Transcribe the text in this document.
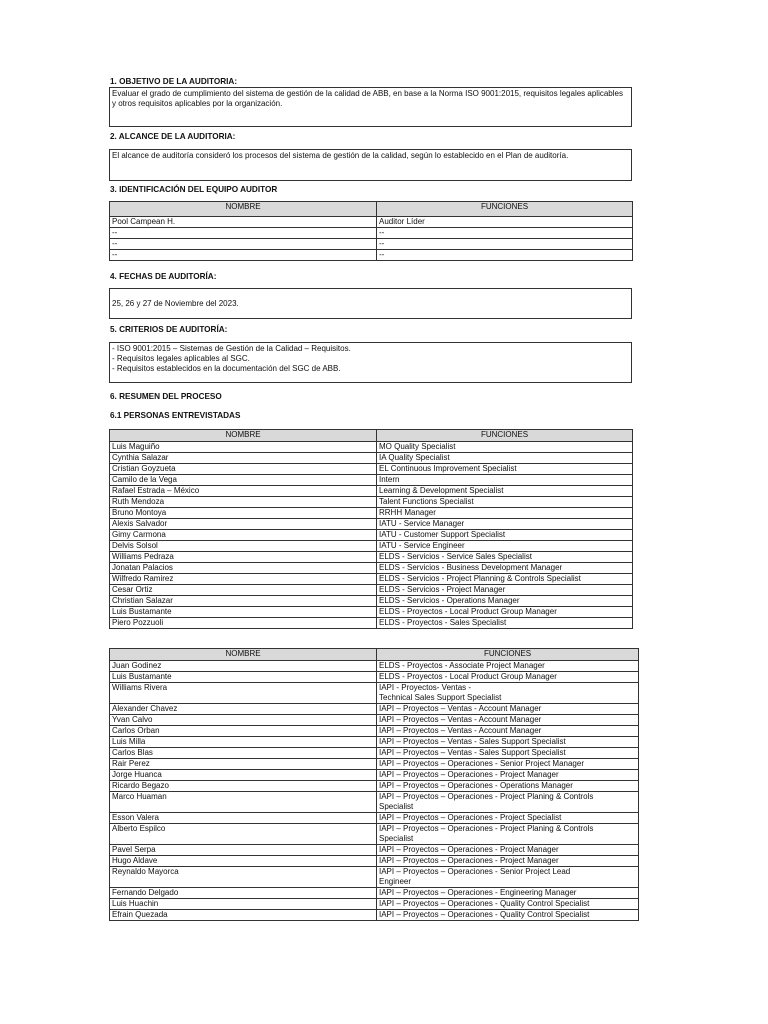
1. OBJETIVO DE LA AUDITORIA:
Evaluar el grado de cumplimiento del sistema de gestión de la calidad de ABB, en base a la Norma ISO 9001:2015, requisitos legales aplicables y otros requisitos aplicables por la organización.
2. ALCANCE DE LA AUDITORIA:
El alcance de auditoría consideró los procesos del sistema de gestión de la calidad, según lo establecido en el Plan de auditoría.
3. IDENTIFICACIÓN DEL EQUIPO AUDITOR
NOMBRE	FUNCIONES
Pool Campean H.	Auditor Líder
--	--
--	--
--	--
4. FECHAS DE AUDITORÍA:
25, 26 y 27 de Noviembre del 2023.
5. CRITERIOS DE AUDITORÍA:
- ISO 9001:2015 – Sistemas de Gestión de la Calidad – Requisitos.
- Requisitos legales aplicables al SGC.
- Requisitos establecidos en la documentación del SGC de ABB.
6. RESUMEN DEL PROCESO
6.1 PERSONAS ENTREVISTADAS
NOMBRE	FUNCIONES
Luis Maguiño	MO Quality Specialist
Cynthia Salazar	IA Quality Specialist
Cristian Goyzueta	EL Continuous Improvement Specialist
Camilo de la Vega	Intern
Rafael Estrada – México	Learning & Development Specialist
Ruth Mendoza	Talent Functions Specialist
Bruno Montoya	RRHH Manager
Alexis Salvador	IATU - Service Manager
Gimy Carmona	IATU - Customer Support Specialist
Delvis Solsol	IATU - Service Engineer
Williams Pedraza	ELDS - Servicios - Service Sales Specialist
Jonatan Palacios	ELDS - Servicios - Business Development Manager
Wilfredo Ramirez	ELDS - Servicios - Project Planning & Controls Specialist
Cesar Ortiz	ELDS - Servicios - Project Manager
Christian Salazar	ELDS - Servicios - Operations Manager
Luis Bustamante	ELDS - Proyectos - Local Product Group Manager
Piero Pozzuoli	ELDS - Proyectos - Sales Specialist
NOMBRE	FUNCIONES
Juan Godinez	ELDS - Proyectos - Associate Project Manager
Luis Bustamante	ELDS - Proyectos - Local Product Group Manager
Williams Rivera	IAPI - Proyectos- Ventas -
Technical Sales Support Specialist
Alexander Chavez	IAPI – Proyectos – Ventas - Account Manager
Yvan Calvo	IAPI – Proyectos – Ventas - Account Manager
Carlos Orban	IAPI – Proyectos – Ventas - Account Manager
Luis Milla	IAPI – Proyectos – Ventas - Sales Support Specialist
Carlos Blas	IAPI – Proyectos – Ventas - Sales Support Specialist
Rair Perez	IAPI – Proyectos – Operaciones - Senior Project Manager
Jorge Huanca	IAPI – Proyectos – Operaciones - Project Manager
Ricardo Begazo	IAPI – Proyectos – Operaciones - Operations Manager
Marco Huaman	IAPI – Proyectos – Operaciones - Project Planing & Controls
Specialist
Esson Valera	IAPI – Proyectos – Operaciones - Project Specialist
Alberto Espilco	IAPI – Proyectos – Operaciones - Project Planing & Controls
Specialist
Pavel Serpa	IAPI – Proyectos – Operaciones - Project Manager
Hugo Aldave	IAPI – Proyectos – Operaciones - Project Manager
Reynaldo Mayorca	IAPI – Proyectos – Operaciones - Senior Project Lead
Engineer
Fernando Delgado	IAPI – Proyectos – Operaciones - Engineering Manager
Luis Huachin	IAPI – Proyectos – Operaciones - Quality Control Specialist
Efrain Quezada	IAPI – Proyectos – Operaciones - Quality Control Specialist
